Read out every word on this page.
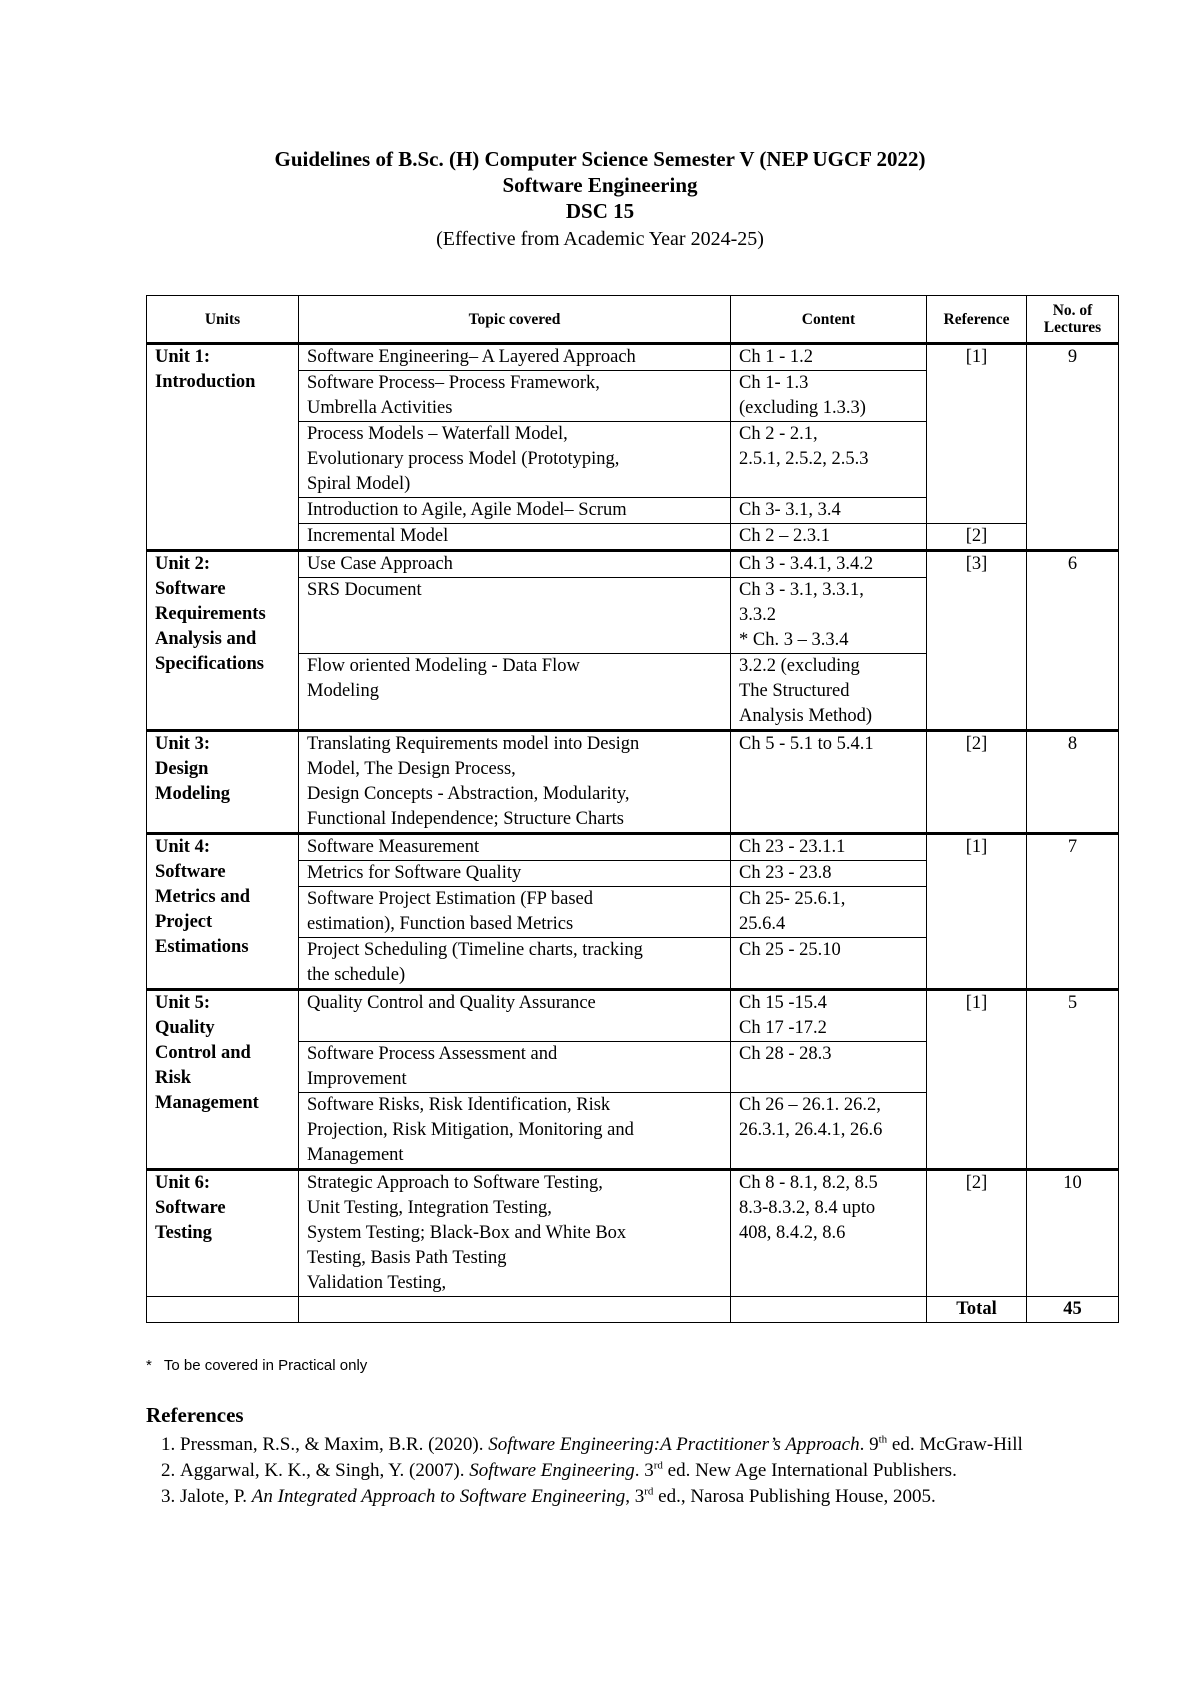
Guidelines of B.Sc. (H) Computer Science Semester V (NEP UGCF 2022)
Software Engineering
DSC 15
(Effective from Academic Year 2024-25)
Units	Topic covered	Content	Reference	No. of Lectures

Unit 1:
Introduction	Software Engineering– A Layered Approach	Ch 1 - 1.2	[1]	9

	Software Process– Process Framework,
Umbrella Activities	Ch 1- 1.3
(excluding 1.3.3)		

	Process Models – Waterfall Model,
Evolutionary process Model (Prototyping,
Spiral Model)	Ch 2 - 2.1,
2.5.1, 2.5.2, 2.5.3		

	Introduction to Agile, Agile Model– Scrum	Ch 3- 3.1, 3.4		

	Incremental Model	Ch 2 – 2.3.1	[2]	

Unit 2:
Software
Requirements
Analysis and
Specifications	Use Case Approach	Ch 3 - 3.4.1, 3.4.2	[3]	6

	SRS Document	Ch 3 - 3.1, 3.3.1,
3.3.2
* Ch. 3 – 3.3.4		

	Flow oriented Modeling - Data Flow
Modeling	3.2.2 (excluding
The Structured
Analysis Method)		

Unit 3:
Design
Modeling	Translating Requirements model into Design
Model, The Design Process,
Design Concepts - Abstraction, Modularity,
Functional Independence; Structure Charts	Ch 5 - 5.1 to 5.4.1	[2]	8

Unit 4:
Software
Metrics and
Project
Estimations	Software Measurement	Ch 23 - 23.1.1	[1]	7

	Metrics for Software Quality	Ch 23 - 23.8		

	Software Project Estimation (FP based
estimation), Function based Metrics	Ch 25- 25.6.1,
25.6.4		

	Project Scheduling (Timeline charts, tracking
the schedule)	Ch 25 - 25.10		

Unit 5:
Quality
Control and
Risk
Management	Quality Control and Quality Assurance	Ch 15 -15.4
Ch 17 -17.2	[1]	5

	Software Process Assessment and
Improvement	Ch 28 - 28.3		

	Software Risks, Risk Identification, Risk
Projection, Risk Mitigation, Monitoring and
Management	Ch 26 – 26.1. 26.2,
26.3.1, 26.4.1, 26.6		

Unit 6:
Software
Testing	Strategic Approach to Software Testing,
Unit Testing, Integration Testing,
System Testing; Black-Box and White Box
Testing, Basis Path Testing
Validation Testing,	Ch 8 - 8.1, 8.2, 8.5
8.3-8.3.2, 8.4 upto
408, 8.4.2, 8.6	[2]	10
			Total	45
* To be covered in Practical only
References
1. Pressman, R.S., & Maxim, B.R. (2020). Software Engineering:A Practitioner’s Approach. 9th ed. McGraw-Hill
2. Aggarwal, K. K., & Singh, Y. (2007). Software Engineering. 3rd ed. New Age International Publishers.
3. Jalote, P. An Integrated Approach to Software Engineering, 3rd ed., Narosa Publishing House, 2005.
